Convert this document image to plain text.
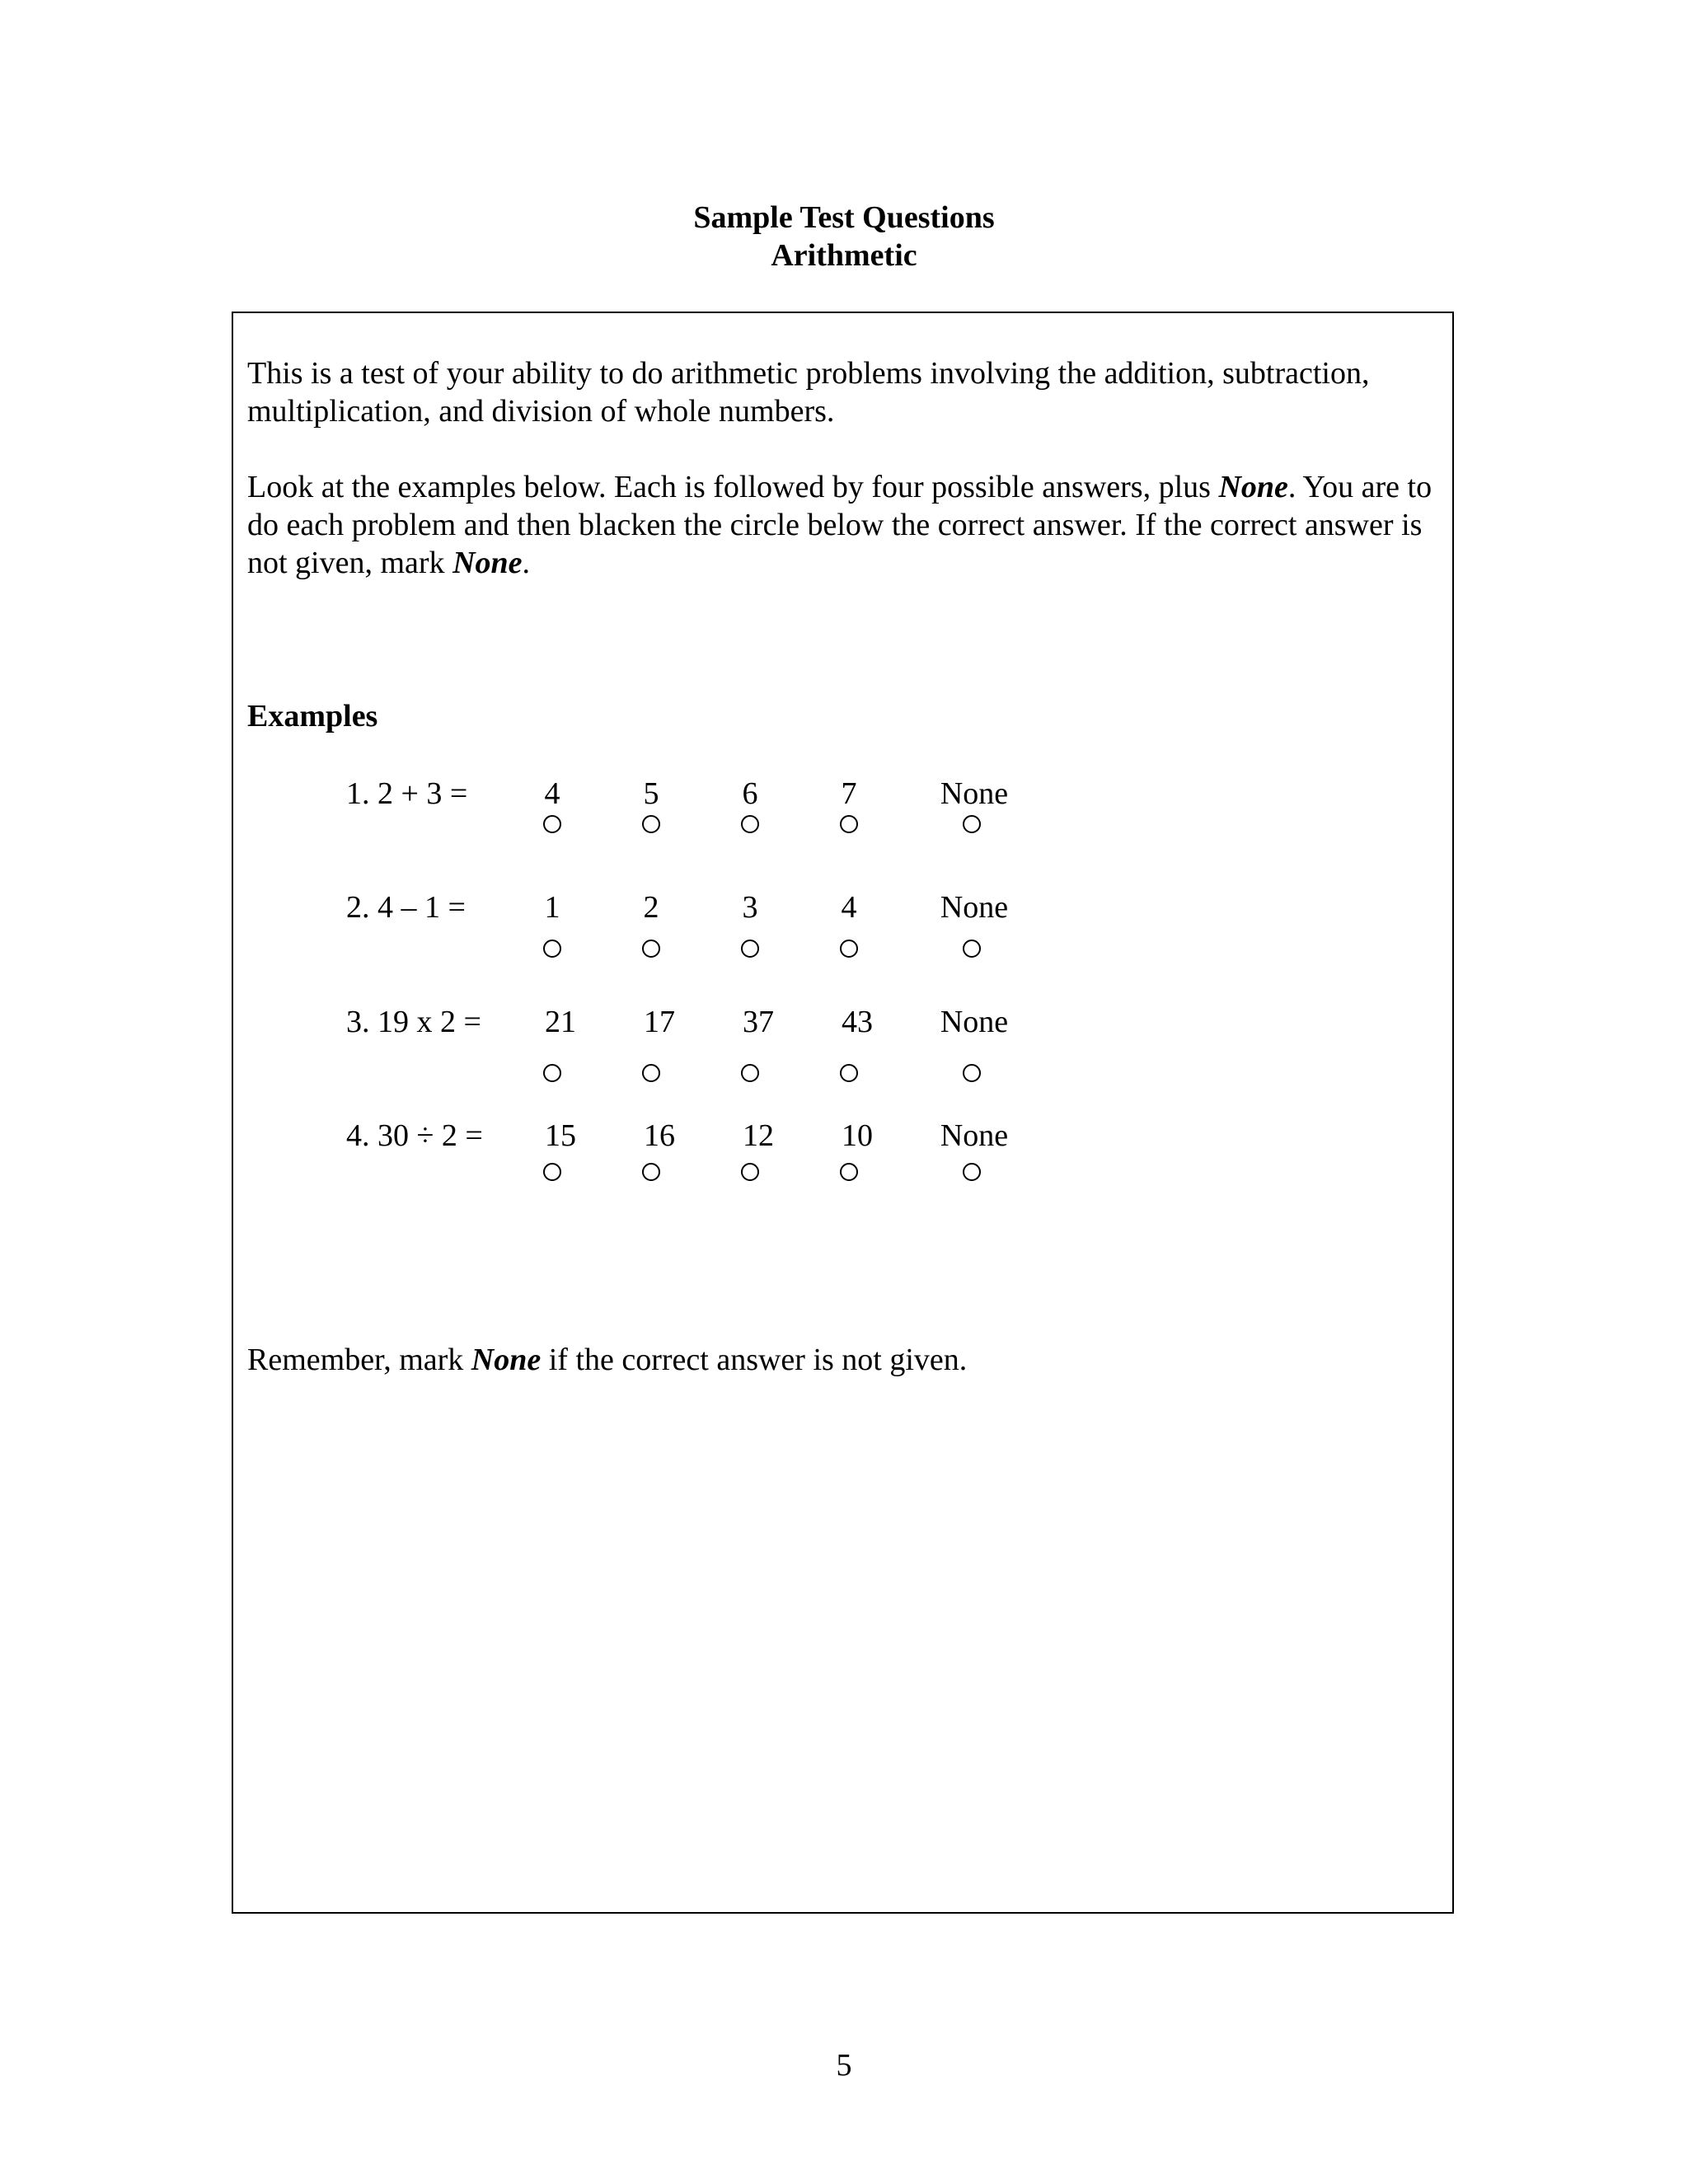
Sample Test Questions
Arithmetic

This is a test of your ability to do arithmetic problems involving the addition, subtraction, multiplication, and division of whole numbers.

Look at the examples below. Each is followed by four possible answers, plus None. You are to do each problem and then blacken the circle below the correct answer. If the correct answer is not given, mark None.

Examples
1. 2 + 3 = 4	5	6	7	None
2. 4 – 1 =	1	2	3	4	None
3. 19 x 2 = 21 17 37 43 None
4. 30 ÷ 2 = 15 16 12 10 None

Remember, mark None if the correct answer is not given.

5
